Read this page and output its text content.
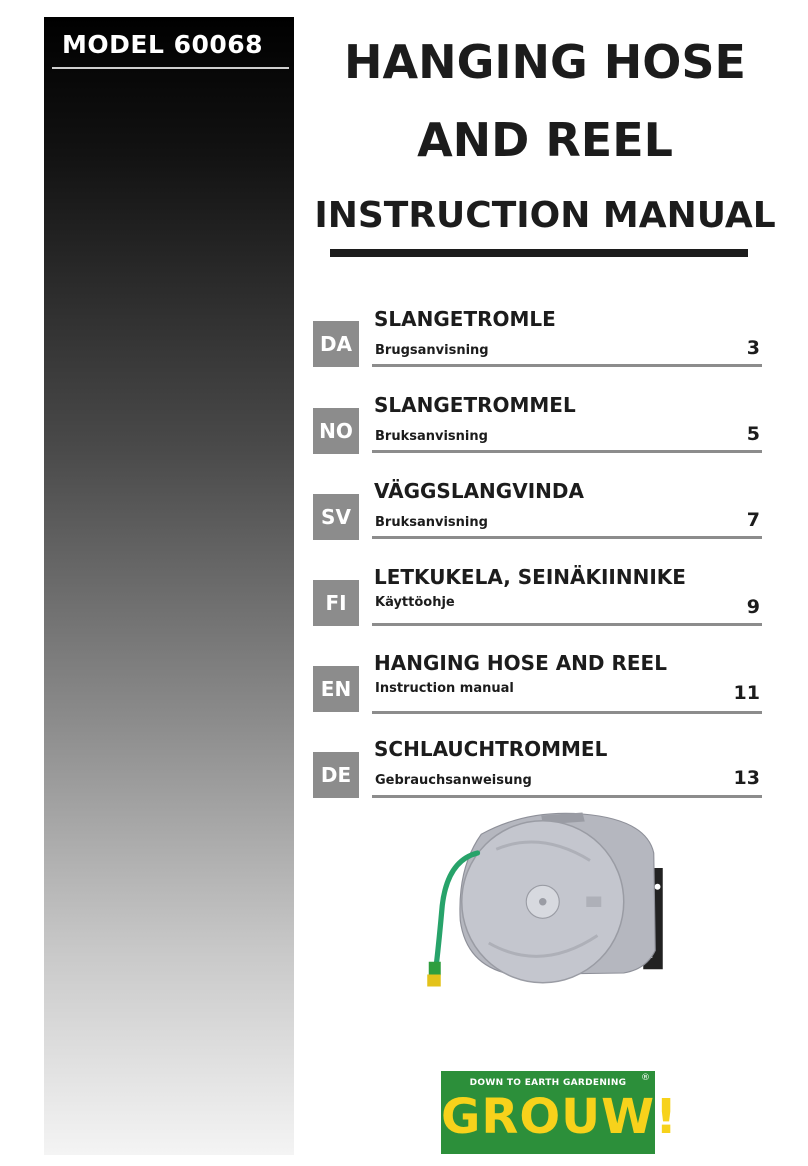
MODEL 60068	HANGING HOSE
AND REEL
INSTRUCTION MANUAL
DA
SLANGETROMLE
Brugsanvisning	3
NO
SLANGETROMMEL
Bruksanvisning	5
SV
VÄGGSLANGVINDA
Bruksanvisning	7
FI
LETKUKELA, SEINÄKIINNIKE
Käyttöohje	9
EN
HANGING HOSE AND REEL
Instruction manual	11
DE
SCHLAUCHTROMMEL
Gebrauchsanweisung	13
DOWN TO EARTH GARDENING
GROUW!
®
